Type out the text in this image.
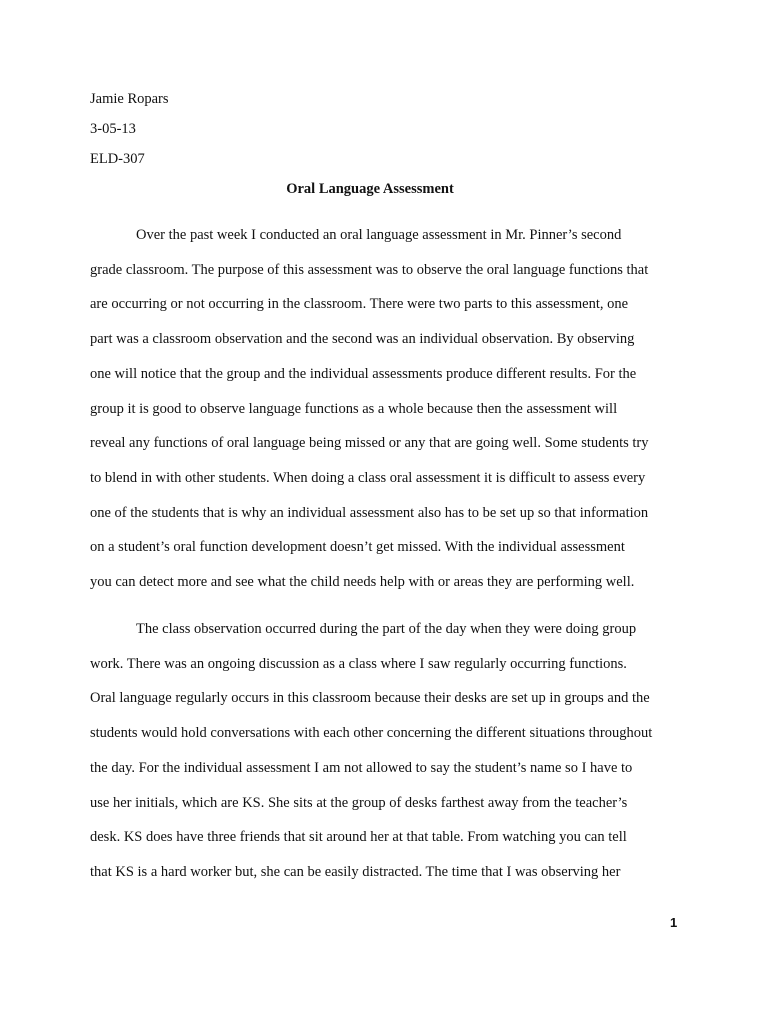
Jamie Ropars

3-05-13

ELD-307

Oral Language Assessment
Over the past week I conducted an oral language assessment in Mr. Pinner’s second
grade classroom. The purpose of this assessment was to observe the oral language functions that
are occurring or not occurring in the classroom. There were two parts to this assessment, one
part was a classroom observation and the second was an individual observation. By observing
one will notice that the group and the individual assessments produce different results. For the
group it is good to observe language functions as a whole because then the assessment will
reveal any functions of oral language being missed or any that are going well. Some students try
to blend in with other students. When doing a class oral assessment it is difficult to assess every
one of the students that is why an individual assessment also has to be set up so that information
on a student’s oral function development doesn’t get missed. With the individual assessment
you can detect more and see what the child needs help with or areas they are performing well.
The class observation occurred during the part of the day when they were doing group
work. There was an ongoing discussion as a class where I saw regularly occurring functions.
Oral language regularly occurs in this classroom because their desks are set up in groups and the
students would hold conversations with each other concerning the different situations throughout
the day. For the individual assessment I am not allowed to say the student’s name so I have to
use her initials, which are KS. She sits at the group of desks farthest away from the teacher’s
desk. KS does have three friends that sit around her at that table. From watching you can tell
that KS is a hard worker but, she can be easily distracted. The time that I was observing her

1
